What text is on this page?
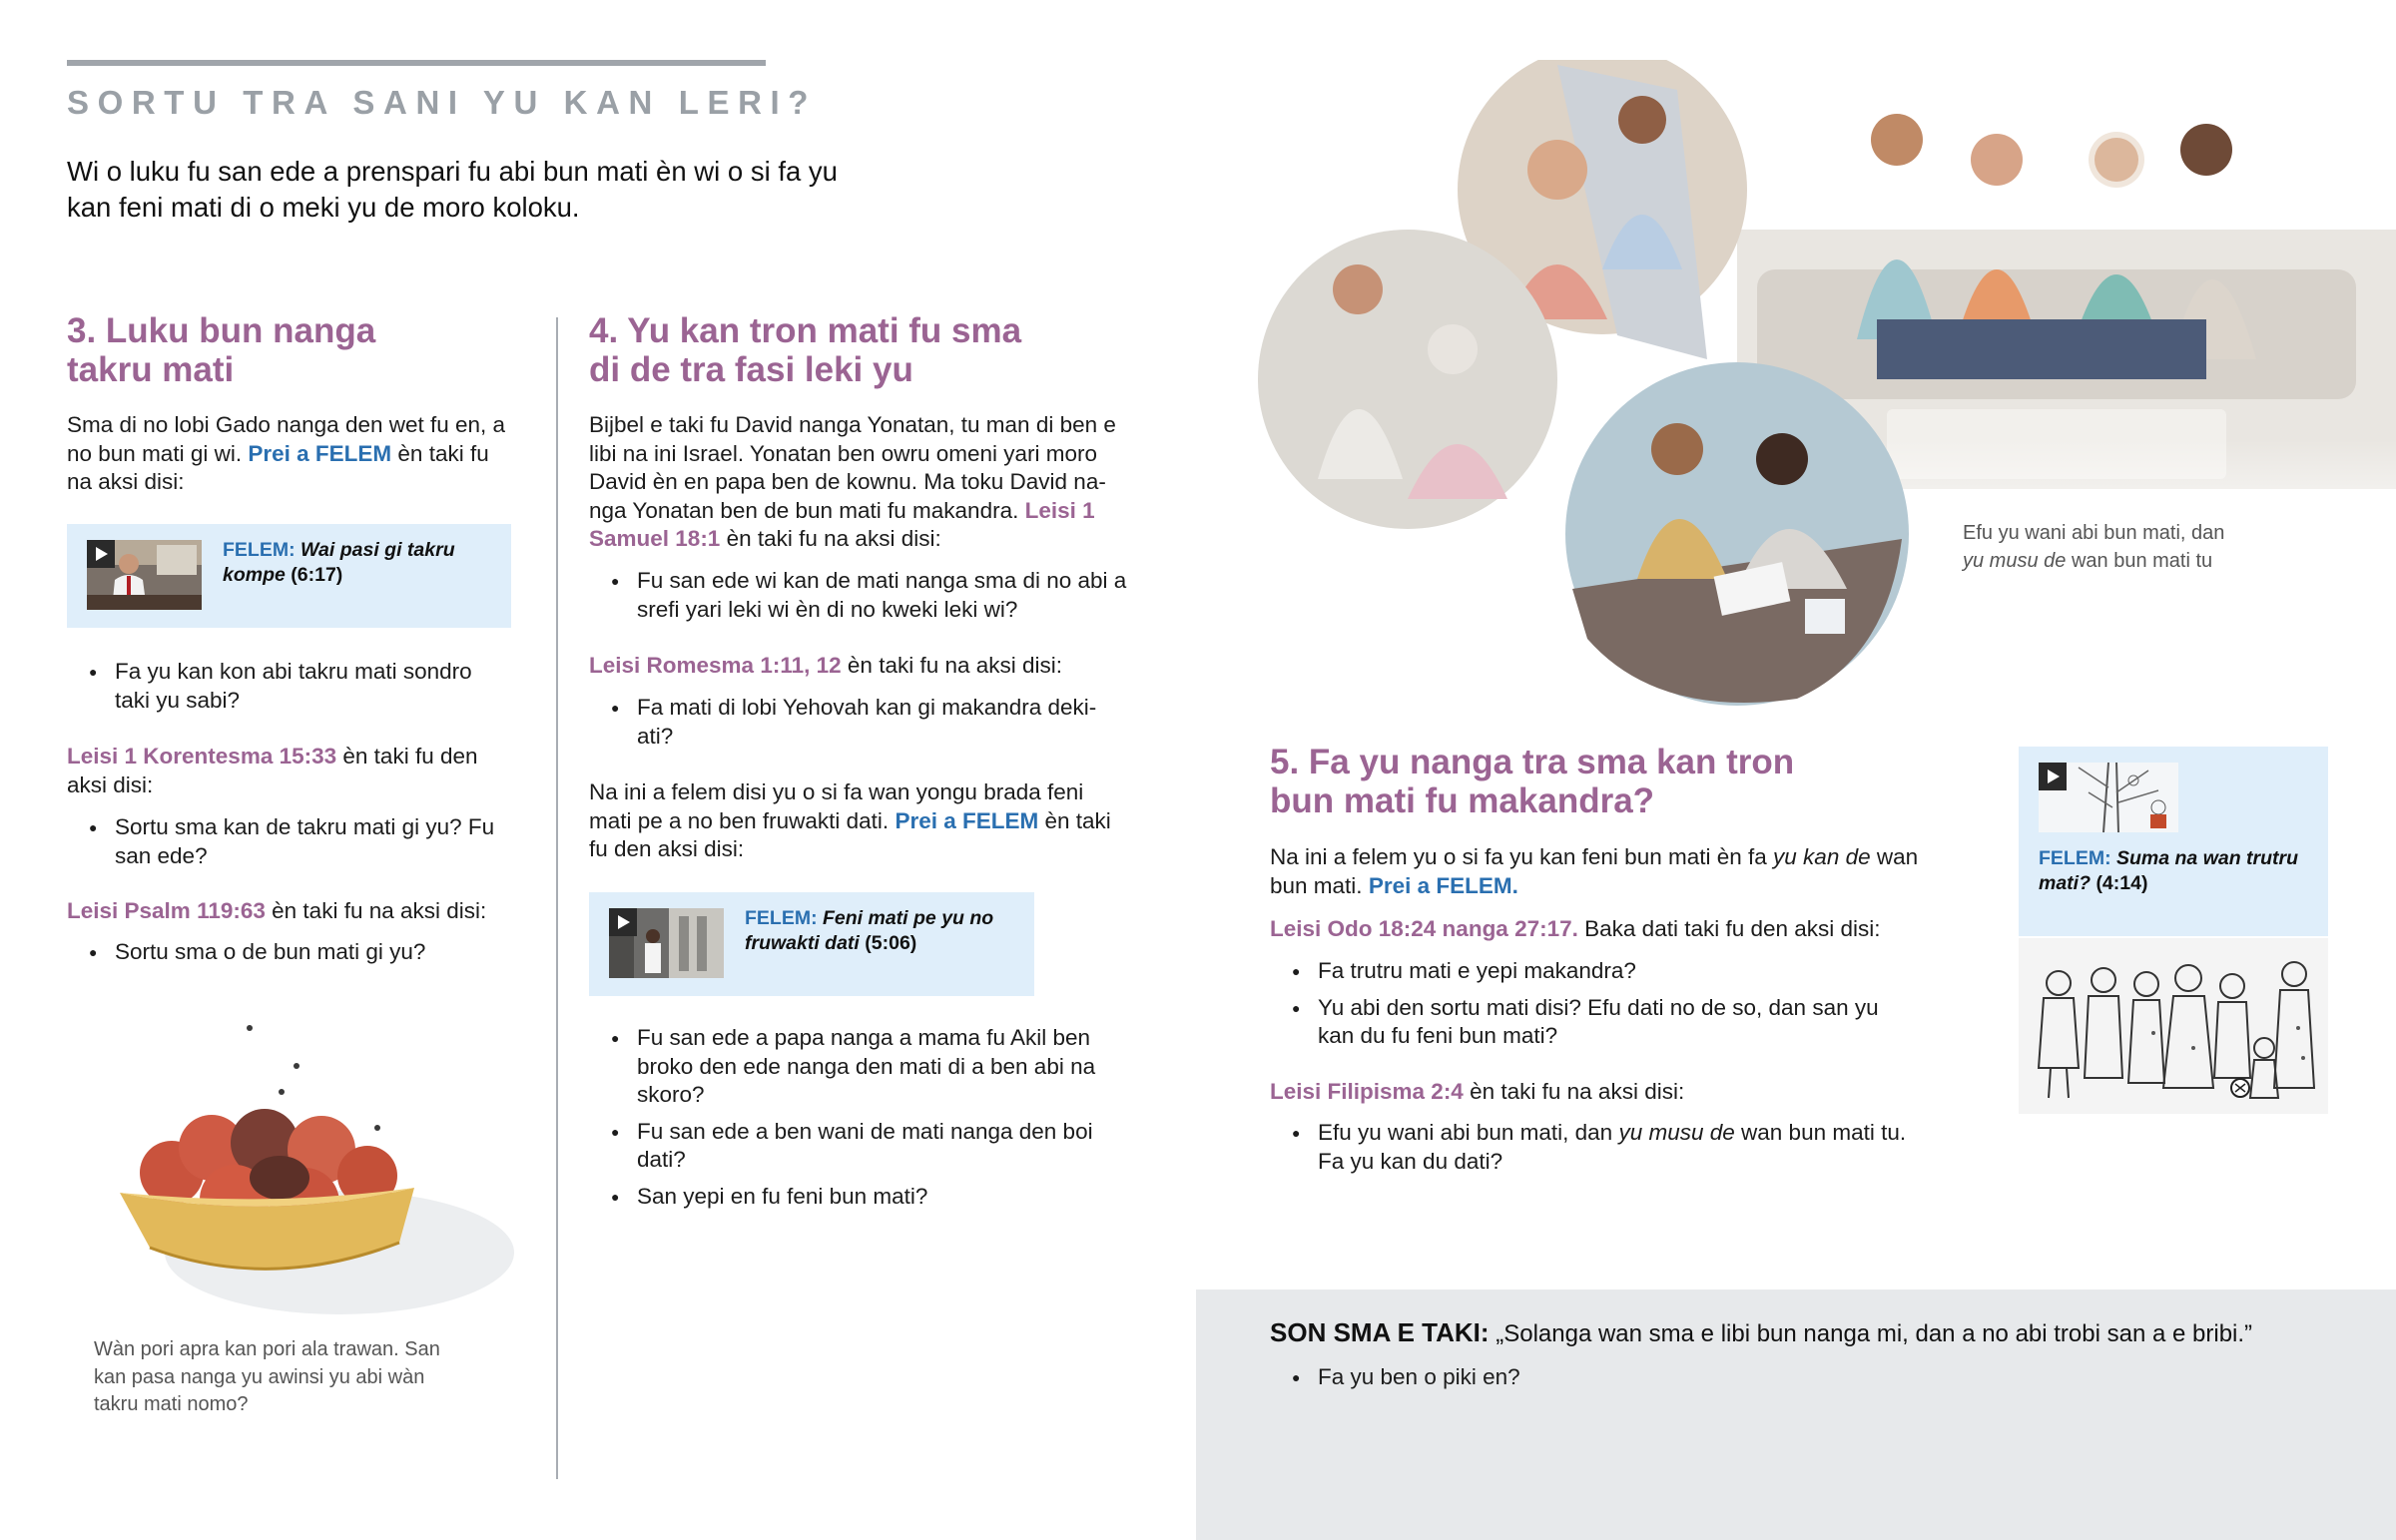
SORTU TRA SANI YU KAN LERI?
Wi o luku fu san ede a prenspari fu abi bun mati èn wi o si fa yu kan feni mati di o meki yu de moro koloku.
3. Luku bun nanga
takru mati

Sma di no lobi Gado nanga den wet fu en, a no bun mati gi wi. Prei a FELEM èn taki fu na aksi disi:

FELEM: Wai pasi gi takru kompe (6:17)
● Fa yu kan kon abi takru mati sondro taki yu sabi?

Leisi 1 Korentesma 15:33 èn taki fu den aksi disi:

● Sortu sma kan de takru mati gi yu? Fu san ede?

Leisi Psalm 119:63 èn taki fu na aksi disi:

● Sortu sma o de bun mati gi yu?
Wàn pori apra kan pori ala trawan. San kan pasa nanga yu awinsi yu abi wàn takru mati nomo?
4. Yu kan tron mati fu sma
di de tra fasi leki yu

Bijbel e taki fu David nanga Yonatan, tu man di ben e libi na ini Israel. Yonatan ben owru omeni yari moro David èn en papa ben de kownu. Ma toku David nanga Yonatan ben de bun mati fu makandra. Leisi 1 Samuel 18:1 èn taki fu na aksi disi:

● Fu san ede wi kan de mati nanga sma di no abi a srefi yari leki wi èn di no kweki leki wi?

Leisi Romesma 1:11, 12 èn taki fu na aksi disi:

● Fa mati di lobi Yehovah kan gi makandra deki-ati?

Na ini a felem disi yu o si fa wan yongu brada feni mati pe a no ben fruwakti dati. Prei a FELEM èn taki fu den aksi disi:

FELEM: Feni mati pe yu no fruwakti dati (5:06)
● Fu san ede a papa nanga a mama fu Akil ben broko den ede nanga den mati di a ben abi na skoro?
● Fu san ede a ben wani de mati nanga den boi dati?
● San yepi en fu feni bun mati?
Efu yu wani abi bun mati, dan
yu musu de wan bun mati tu
5. Fa yu nanga tra sma kan tron
bun mati fu makandra?

Na ini a felem yu o si fa yu kan feni bun mati èn fa yu kan de wan bun mati. Prei a FELEM.

Leisi Odo 18:24 nanga 27:17. Baka dati taki fu den aksi disi:

● Fa trutru mati e yepi makandra?
● Yu abi den sortu mati disi? Efu dati no de so, dan san yu kan du fu feni bun mati?

Leisi Filipisma 2:4 èn taki fu na aksi disi:

● Efu yu wani abi bun mati, dan yu musu de wan bun mati tu. Fa yu kan du dati?
FELEM: Suma na wan trutru mati? (4:14)
SON SMA E TAKI: „Solanga wan sma e libi bun nanga mi, dan a no abi trobi san a e bribi.”
● Fa yu ben o piki en?
